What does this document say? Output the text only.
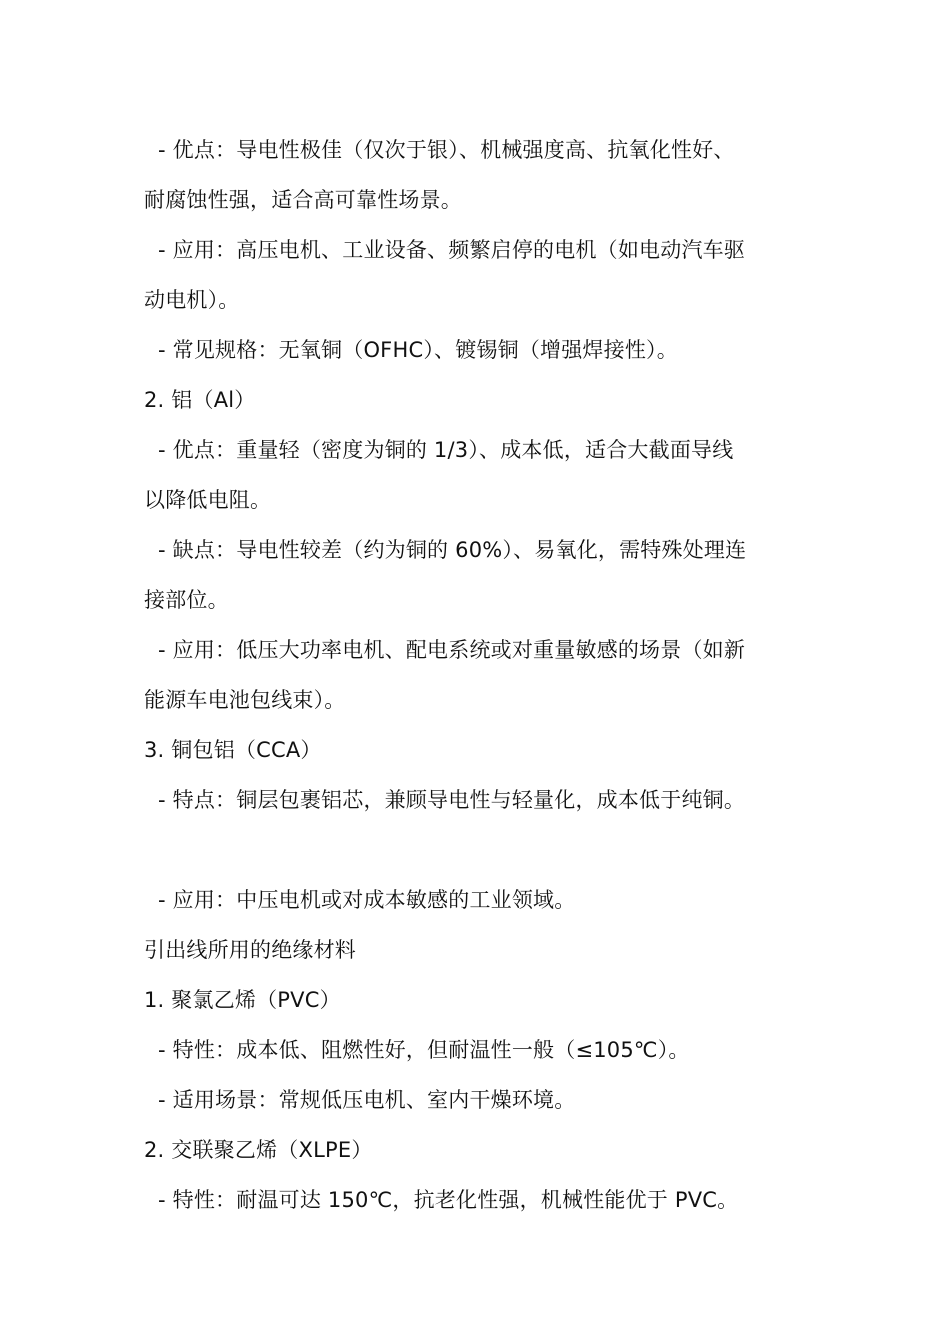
- 优点：导电性极佳（仅次于银）、机械强度高、抗氧化性好、
耐腐蚀性强，适合高可靠性场景。
- 应用：高压电机、工业设备、频繁启停的电机（如电动汽车驱
动电机）。
- 常见规格：无氧铜（OFHC）、镀锡铜（增强焊接性）。
2. 铝（Al）
- 优点：重量轻（密度为铜的 1/3）、成本低，适合大截面导线
以降低电阻。
- 缺点：导电性较差（约为铜的 60%）、易氧化，需特殊处理连
接部位。
- 应用：低压大功率电机、配电系统或对重量敏感的场景（如新
能源车电池包线束）。
3. 铜包铝（CCA）
- 特点：铜层包裹铝芯，兼顾导电性与轻量化，成本低于纯铜。
- 应用：中压电机或对成本敏感的工业领域。
引出线所用的绝缘材料
1. 聚氯乙烯（PVC）
- 特性：成本低、阻燃性好，但耐温性一般（≤105℃）。
- 适用场景：常规低压电机、室内干燥环境。
2. 交联聚乙烯（XLPE）
- 特性：耐温可达 150℃，抗老化性强，机械性能优于 PVC。
